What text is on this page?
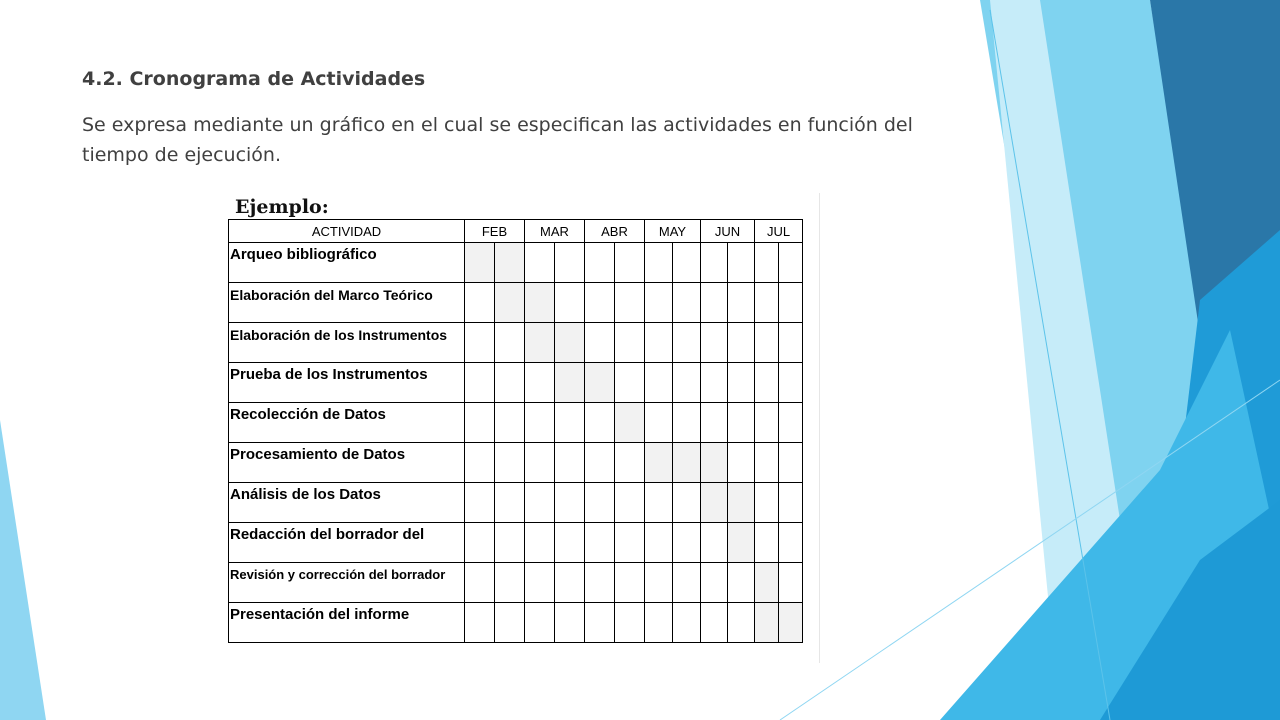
4.2. Cronograma de Actividades
Se expresa mediante un gráfico en el cual se especifican las actividades en función del tiempo de ejecución.
Ejemplo:
ACTIVIDAD	FEB		MAR		ABR		MAY		JUN		JUL	
Arqueo bibliográfico												
Elaboración del Marco Teórico												
Elaboración de los Instrumentos												
Prueba de los Instrumentos												
Recolección de Datos												
Procesamiento de Datos												
Análisis de los Datos												
Redacción del borrador del												
Revisión y corrección del borrador												
Presentación del informe												
